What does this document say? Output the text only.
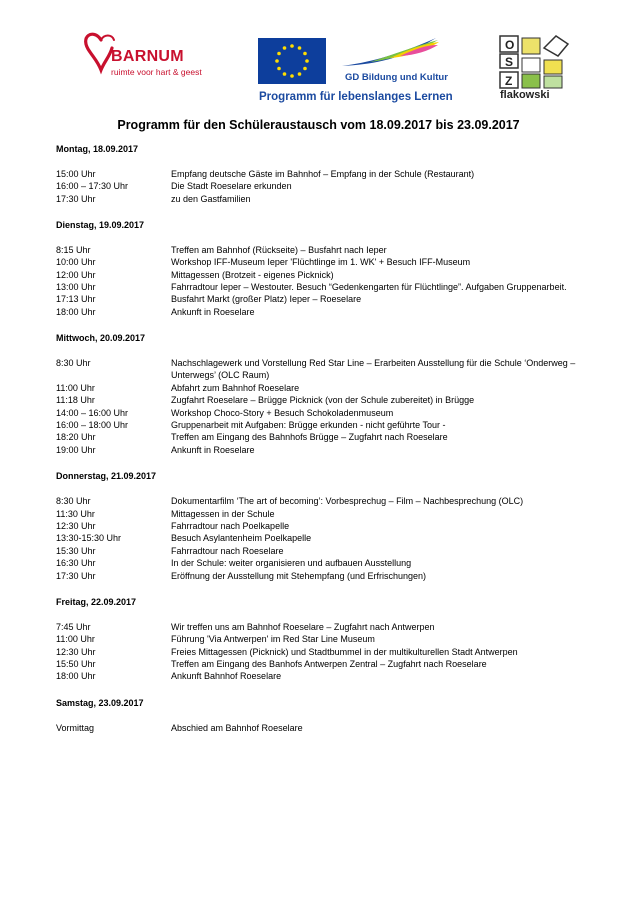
BARNUM
ruimte voor hart & geest	GD Bildung und Kultur
Programm für lebenslanges Lernen
O
S
Z
flakowski
Programm für den Schüleraustausch vom 18.09.2017 bis 23.09.2017
Montag, 18.09.2017
15:00 Uhr	Empfang deutsche Gäste im Bahnhof – Empfang in der Schule (Restaurant)
16:00 – 17:30 Uhr	Die Stadt Roeselare erkunden
17:30 Uhr	zu den Gastfamilien
Dienstag, 19.09.2017
8:15 Uhr	Treffen am Bahnhof (Rückseite) – Busfahrt nach Ieper
10:00 Uhr	Workshop IFF-Museum Ieper 'Flüchtlinge im 1. WK' + Besuch IFF-Museum
12:00 Uhr	Mittagessen (Brotzeit - eigenes Picknick)
13:00 Uhr	Fahrradtour Ieper – Westouter. Besuch “Gedenkengarten für Flüchtlinge”. Aufgaben Gruppenarbeit.
17:13 Uhr	Busfahrt Markt (großer Platz) Ieper – Roeselare
18:00 Uhr	Ankunft in Roeselare
Mittwoch, 20.09.2017
8:30 Uhr	Nachschlagewerk und Vorstellung Red Star Line – Erarbeiten Ausstellung für die Schule ‘Onderweg – Unterwegs’ (OLC Raum)
11:00 Uhr	Abfahrt zum Bahnhof Roeselare
11:18 Uhr	Zugfahrt Roeselare – Brügge Picknick (von der Schule zubereitet) in Brügge
14:00 – 16:00 Uhr	Workshop Choco-Story + Besuch Schokoladenmuseum
16:00 – 18:00 Uhr	Gruppenarbeit mit Aufgaben: Brügge erkunden - nicht geführte Tour -
18:20 Uhr	Treffen am Eingang des Bahnhofs Brügge – Zugfahrt nach Roeselare
19:00 Uhr	Ankunft in Roeselare
Donnerstag, 21.09.2017
8:30 Uhr	Dokumentarfilm ‘The art of becoming’: Vorbesprechug – Film – Nachbesprechung (OLC)
11:30 Uhr	Mittagessen in der Schule
12:30 Uhr	Fahrradtour nach Poelkapelle
13:30-15:30 Uhr	Besuch Asylantenheim Poelkapelle
15:30 Uhr	Fahrradtour nach Roeselare
16:30 Uhr	In der Schule: weiter organisieren und aufbauen Ausstellung
17:30 Uhr	Eröffnung der Ausstellung mit Stehempfang (und Erfrischungen)
Freitag, 22.09.2017
7:45 Uhr	Wir treffen uns am Bahnhof Roeselare – Zugfahrt nach Antwerpen
11:00 Uhr	Führung 'Via Antwerpen' im Red Star Line Museum
12:30 Uhr	Freies Mittagessen (Picknick) und Stadtbummel in der multikulturellen Stadt Antwerpen
15:50 Uhr	Treffen am Eingang des Banhofs Antwerpen Zentral – Zugfahrt nach Roeselare
18:00 Uhr	Ankunft Bahnhof Roeselare
Samstag, 23.09.2017
Vormittag	Abschied am Bahnhof Roeselare
